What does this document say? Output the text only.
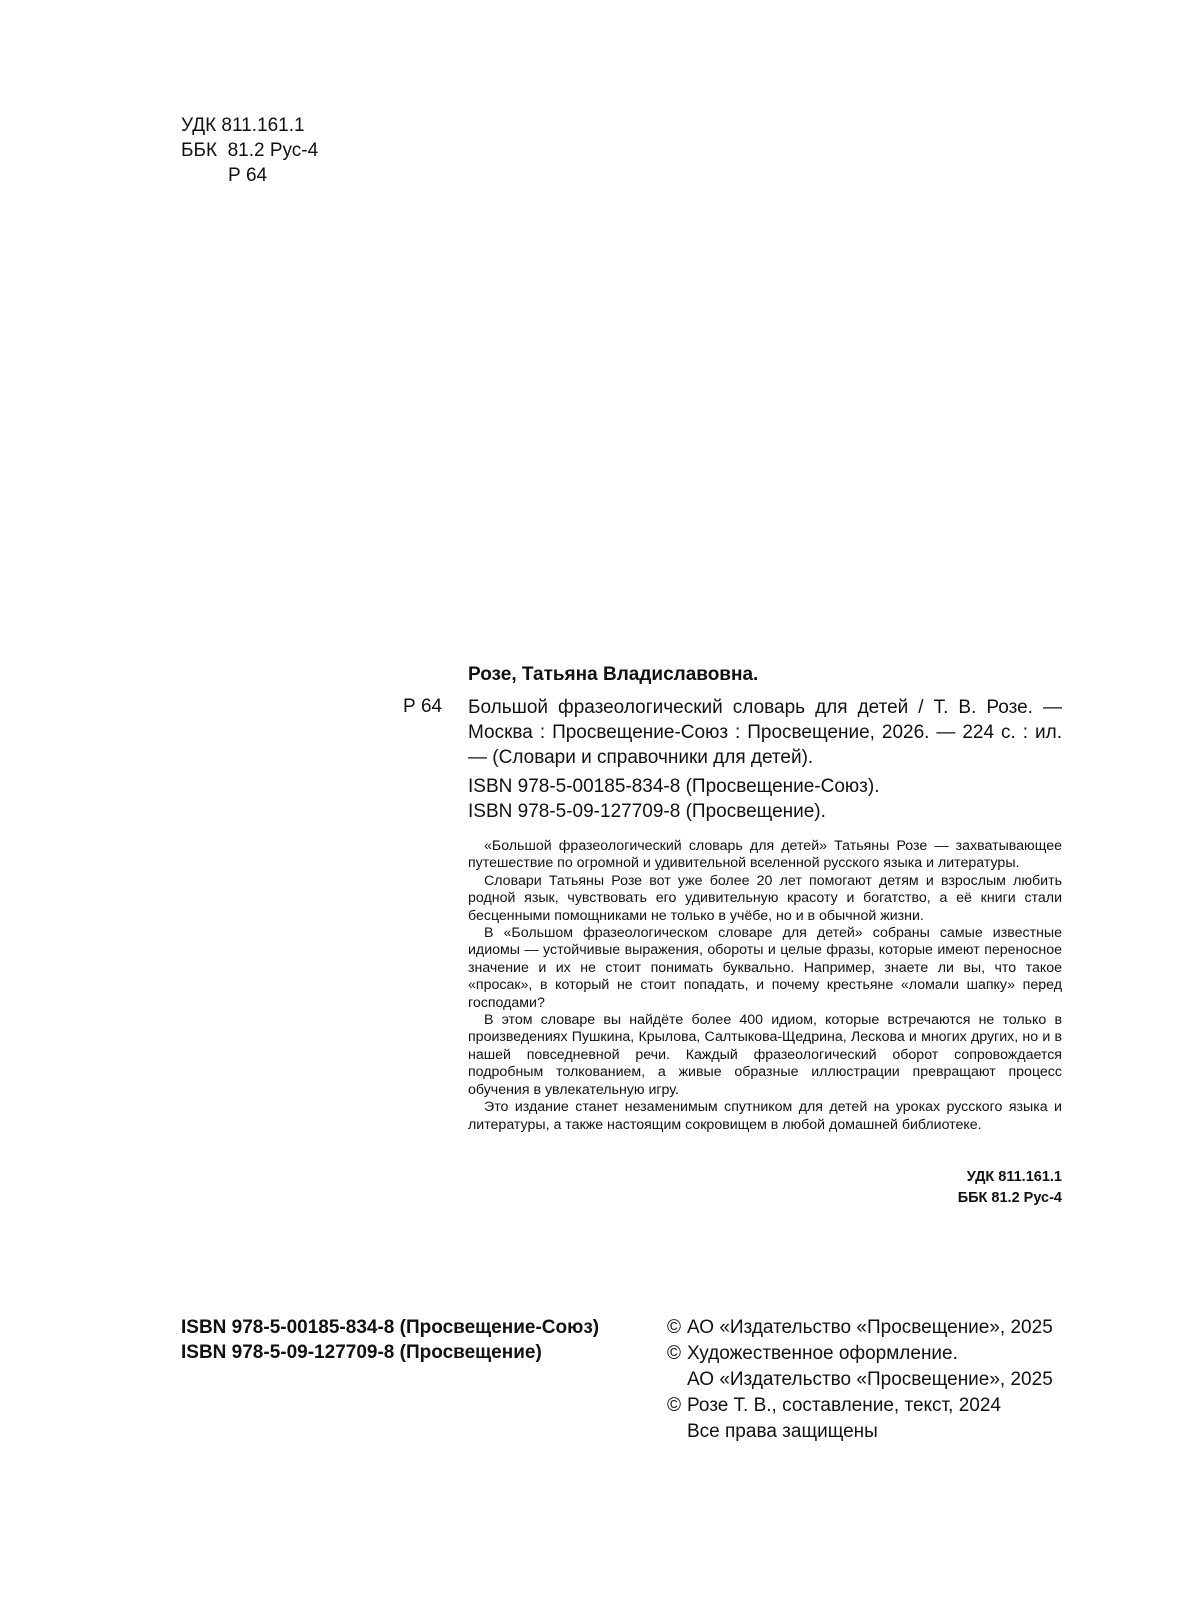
УДК 811.161.1
ББК  81.2 Рус-4
Р 64
Розе, Татьяна Владиславовна.
Р 64 Большой фразеологический словарь для детей / Т. В. Розе. — Москва : Просвещение-Союз : Просвещение, 2026. — 224 с. : ил. — (Словари и справочники для детей).
ISBN 978-5-00185-834-8 (Просвещение-Союз).
ISBN 978-5-09-127709-8 (Просвещение).

«Большой фразеологический словарь для детей» Татьяны Розе — захватывающее путешествие по огромной и удивительной вселенной русского языка и литературы.

Словари Татьяны Розе вот уже более 20 лет помогают детям и взрослым любить родной язык, чувствовать его удивительную красоту и богатство, а её книги стали бесценными помощниками не только в учёбе, но и в обычной жизни.

В «Большом фразеологическом словаре для детей» собраны самые известные идиомы — устойчивые выражения, обороты и целые фразы, которые имеют переносное значение и их не стоит понимать буквально. Например, знаете ли вы, что такое «просак», в который не стоит попадать, и почему крестьяне «ломали шапку» перед господами?

В этом словаре вы найдёте более 400 идиом, которые встречаются не только в произведениях Пушкина, Крылова, Салтыкова-Щедрина, Лескова и многих других, но и в нашей повседневной речи. Каждый фразеологический оборот сопровождается подробным толкованием, а живые образные иллюстрации превращают процесс обучения в увлекательную игру.

Это издание станет незаменимым спутником для детей на уроках русского языка и литературы, а также настоящим сокровищем в любой домашней библиотеке.

УДК 811.161.1
ББК 81.2 Рус-4
ISBN 978-5-00185-834-8 (Просвещение-Союз)
ISBN 978-5-09-127709-8 (Просвещение)
© АО «Издательство «Просвещение», 2025
© Художественное оформление.
АО «Издательство «Просвещение», 2025
© Розе Т. В., составление, текст, 2024
Все права защищены
